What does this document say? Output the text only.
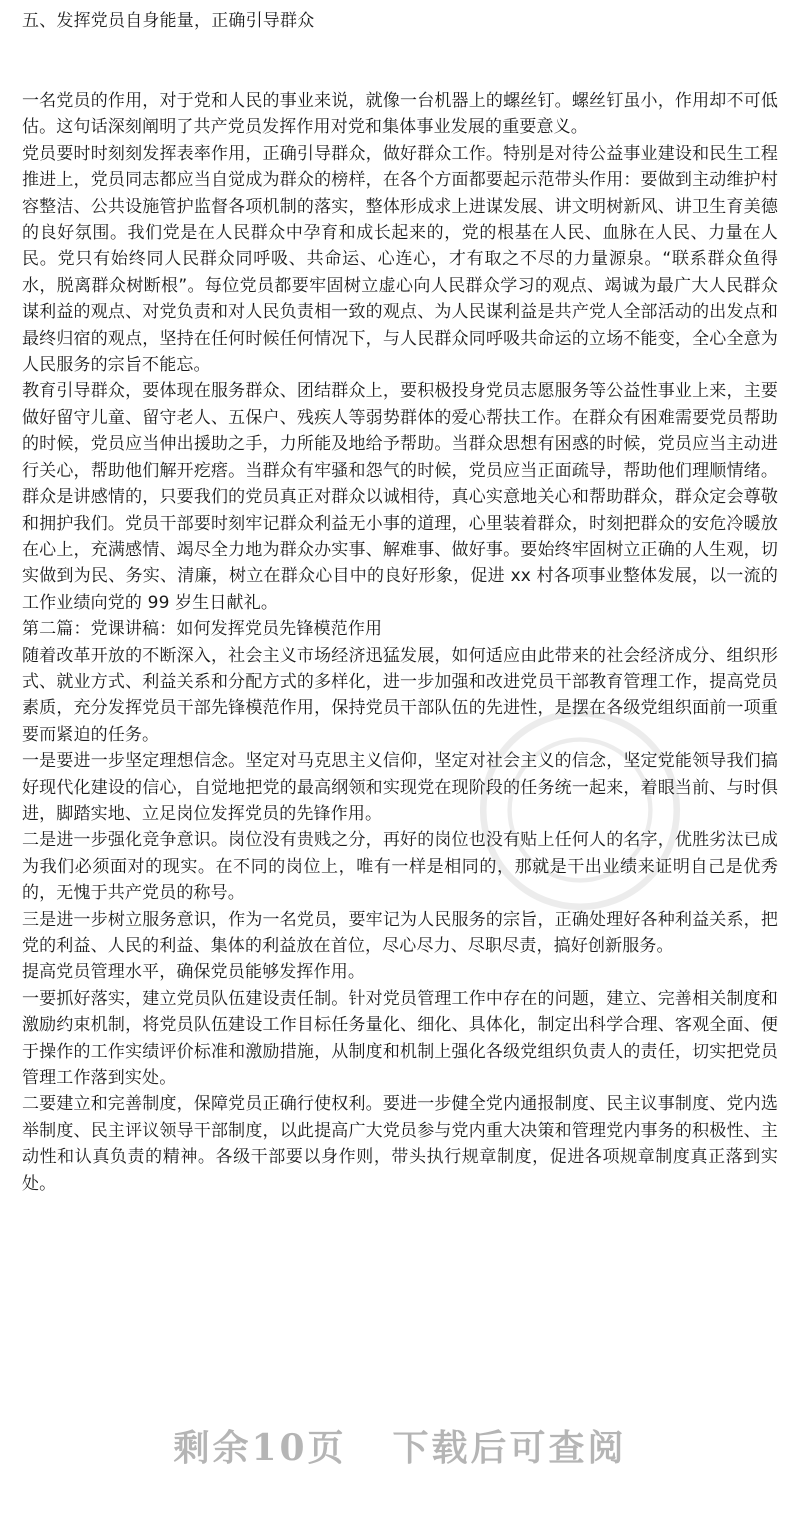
五、发挥党员自身能量，正确引导群众

一名党员的作用，对于党和人民的事业来说，就像一台机器上的螺丝钉。螺丝钉虽小，作用却不可低估。这句话深刻阐明了共产党员发挥作用对党和集体事业发展的重要意义。

党员要时时刻刻发挥表率作用，正确引导群众，做好群众工作。特别是对待公益事业建设和民生工程推进上，党员同志都应当自觉成为群众的榜样，在各个方面都要起示范带头作用：要做到主动维护村容整洁、公共设施管护监督各项机制的落实，整体形成求上进谋发展、讲文明树新风、讲卫生育美德的良好氛围。我们党是在人民群众中孕育和成长起来的，党的根基在人民、血脉在人民、力量在人民。党只有始终同人民群众同呼吸、共命运、心连心，才有取之不尽的力量源泉。“联系群众鱼得水，脱离群众树断根”。每位党员都要牢固树立虚心向人民群众学习的观点、竭诚为最广大人民群众谋利益的观点、对党负责和对人民负责相一致的观点、为人民谋利益是共产党人全部活动的出发点和最终归宿的观点，坚持在任何时候任何情况下，与人民群众同呼吸共命运的立场不能变，全心全意为人民服务的宗旨不能忘。

教育引导群众，要体现在服务群众、团结群众上，要积极投身党员志愿服务等公益性事业上来，主要做好留守儿童、留守老人、五保户、残疾人等弱势群体的爱心帮扶工作。在群众有困难需要党员帮助的时候，党员应当伸出援助之手，力所能及地给予帮助。当群众思想有困惑的时候，党员应当主动进行关心，帮助他们解开疙瘩。当群众有牢骚和怨气的时候，党员应当正面疏导，帮助他们理顺情绪。群众是讲感情的，只要我们的党员真正对群众以诚相待，真心实意地关心和帮助群众，群众定会尊敬和拥护我们。党员干部要时刻牢记群众利益无小事的道理，心里装着群众，时刻把群众的安危冷暖放在心上，充满感情、竭尽全力地为群众办实事、解难事、做好事。要始终牢固树立正确的人生观，切实做到为民、务实、清廉，树立在群众心目中的良好形象，促进 xx 村各项事业整体发展，以一流的工作业绩向党的 99 岁生日献礼。

第二篇：党课讲稿：如何发挥党员先锋模范作用

随着改革开放的不断深入，社会主义市场经济迅猛发展，如何适应由此带来的社会经济成分、组织形式、就业方式、利益关系和分配方式的多样化，进一步加强和改进党员干部教育管理工作，提高党员素质，充分发挥党员干部先锋模范作用，保持党员干部队伍的先进性，是摆在各级党组织面前一项重要而紧迫的任务。

一是要进一步坚定理想信念。坚定对马克思主义信仰，坚定对社会主义的信念，坚定党能领导我们搞好现代化建设的信心，自觉地把党的最高纲领和实现党在现阶段的任务统一起来，着眼当前、与时俱进，脚踏实地、立足岗位发挥党员的先锋作用。

二是进一步强化竞争意识。岗位没有贵贱之分，再好的岗位也没有贴上任何人的名字，优胜劣汰已成为我们必须面对的现实。在不同的岗位上，唯有一样是相同的，那就是干出业绩来证明自己是优秀的，无愧于共产党员的称号。

三是进一步树立服务意识，作为一名党员，要牢记为人民服务的宗旨，正确处理好各种利益关系，把党的利益、人民的利益、集体的利益放在首位，尽心尽力、尽职尽责，搞好创新服务。

提高党员管理水平，确保党员能够发挥作用。

一要抓好落实，建立党员队伍建设责任制。针对党员管理工作中存在的问题，建立、完善相关制度和激励约束机制，将党员队伍建设工作目标任务量化、细化、具体化，制定出科学合理、客观全面、便于操作的工作实绩评价标准和激励措施，从制度和机制上强化各级党组织负责人的责任，切实把党员管理工作落到实处。

二要建立和完善制度，保障党员正确行使权利。要进一步健全党内通报制度、民主议事制度、党内选举制度、民主评议领导干部制度，以此提高广大党员参与党内重大决策和管理党内事务的积极性、主动性和认真负责的精神。各级干部要以身作则，带头执行规章制度，促进各项规章制度真正落到实处。

剩余10页 下载后可查阅
